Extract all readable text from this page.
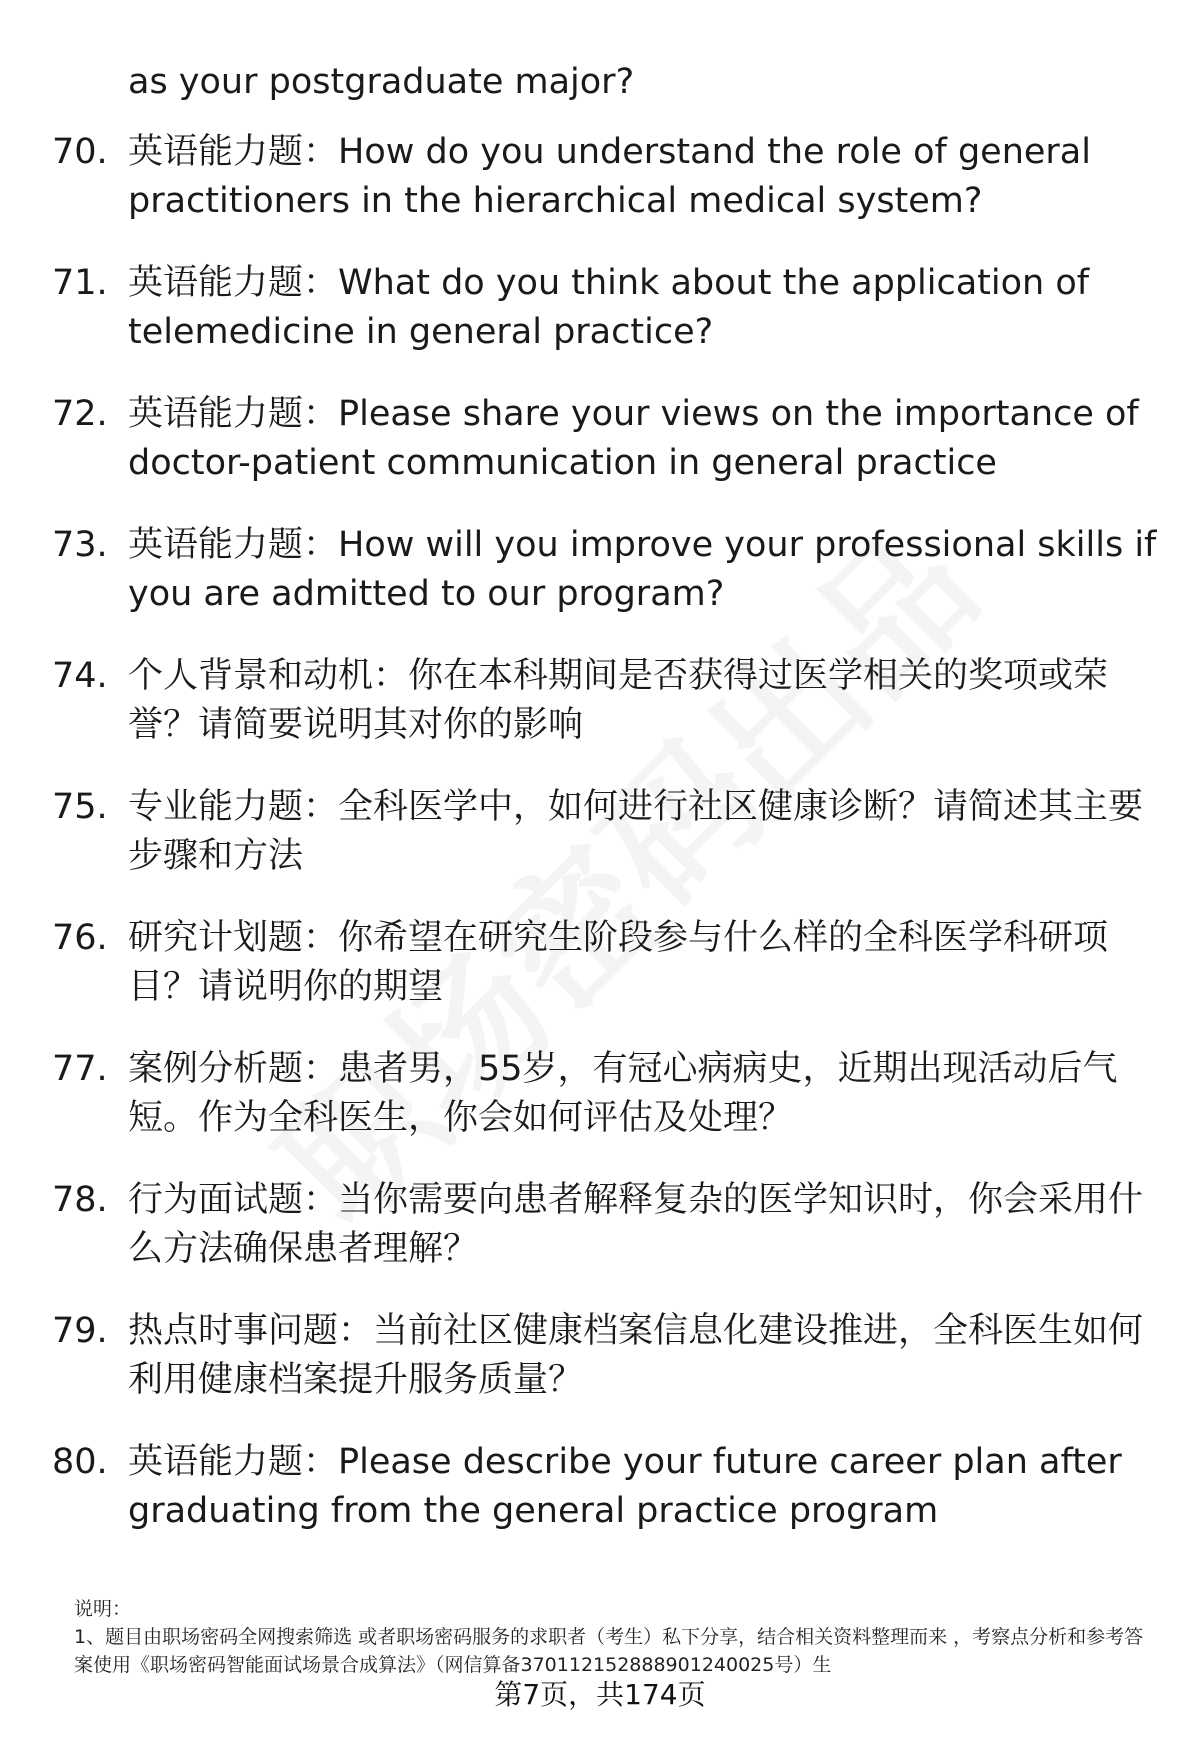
as your postgraduate major?
70. 英语能力题：How do you understand the role of general practitioners in the hierarchical medical system?
71. 英语能力题：What do you think about the application of telemedicine in general practice?
72. 英语能力题：Please share your views on the importance of doctor-patient communication in general practice
73. 英语能力题：How will you improve your professional skills if you are admitted to our program?
74. 个人背景和动机：你在本科期间是否获得过医学相关的奖项或荣誉？请简要说明其对你的影响
75. 专业能力题：全科医学中，如何进行社区健康诊断？请简述其主要步骤和方法
76. 研究计划题：你希望在研究生阶段参与什么样的全科医学科研项目？请说明你的期望
77. 案例分析题：患者男，55岁，有冠心病病史，近期出现活动后气短。作为全科医生，你会如何评估及处理？
78. 行为面试题：当你需要向患者解释复杂的医学知识时，你会采用什么方法确保患者理解？
79. 热点时事问题：当前社区健康档案信息化建设推进，全科医生如何利用健康档案提升服务质量？
80. 英语能力题：Please describe your future career plan after graduating from the general practice program
说明：
1、题目由职场密码全网搜索筛选 或者职场密码服务的求职者（考生）私下分享，结合相关资料整理而来 ，考察点分析和参考答案使用《职场密码智能面试场景合成算法》（网信算备370112152888901240025号）生
第7页，共174页
